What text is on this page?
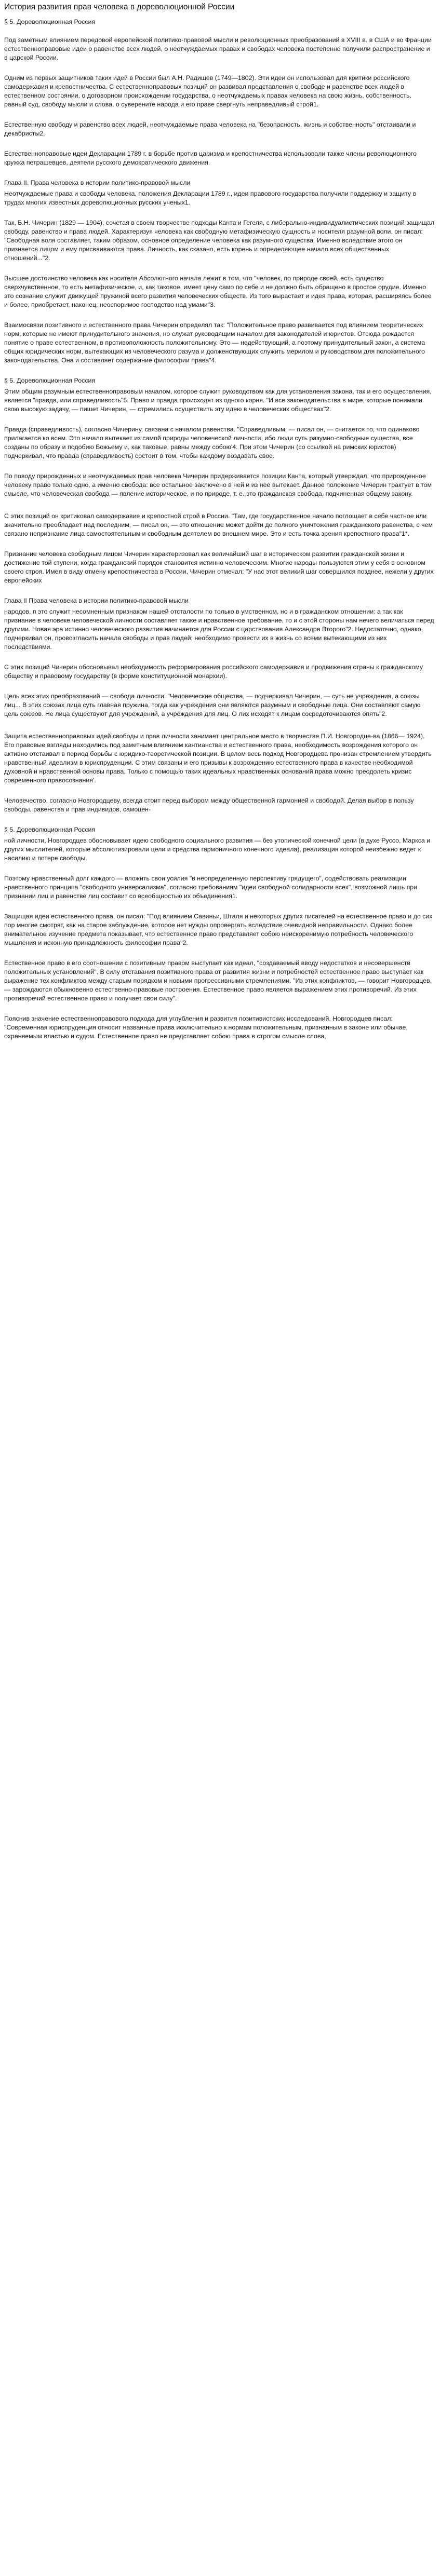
История развития прав человека в дореволюционной России

§ 5. Дореволюционная Россия

Под заметным влиянием передовой европейской политико-правовой мысли и революционных преобразований в XVIII в. в США и во Франции естественноправовые идеи о равенстве всех людей, о неотчуждаемых правах и свободах человека постепенно получили распространение и в царской России.

Одним из первых защитников таких идей в России был А.Н. Радищев (1749—1802). Эти идеи он использовал для критики российского самодержавия и крепостничества. С естественноправовых позиций он развивал представления о свободе и равенстве всех людей в естественном состоянии, о договорном происхождении государства, о неотчуждаемых правах человека на свою жизнь, собственность, равный суд, свободу мысли и слова, о суверените народа и его праве свергнуть неправедливый строй1.

Естественную свободу и равенство всех людей, неотчуждаемые права человека на "безопасность, жизнь и собственность" отстаивали и декабристы2.

Естественноправовые идеи Декларации 1789 г. в борьбе против царизма и крепостничества использовали также члены революционного кружка петрашевцев, деятели русского демократического движения.

Глава II. Права человека в истории политико-правовой мысли

Неотчуждаемые права и свободы человека, положения Декларации 1789 г., идеи правового государства получили поддержку и защиту в трудах многих известных дореволюционных русских ученых1.

Так, Б.Н. Чичерин (1829 — 1904), сочетая в своем творчестве подходы Канта и Гегеля, с либерально-индивидуалистических позиций защищал свободу, равенство и права людей. Характеризуя человека как свободную метафизическую сущность и носителя разумной воли, он писал: "Свободная воля составляет, таким образом, основное определение человека как разумного существа. Именно вследствие этого он признается лицом и ему присваиваются права. Личность, как сказано, есть корень и определяющее начало всех общественных отношений..."2.

Высшее достоинство человека как носителя Абсолютного начала лежит в том, что "человек, по природе своей, есть существо сверхчувственное, то есть метафизическое, и, как таковое, имеет цену само по себе и не должно быть обращено в простое орудие. Именно это сознание служит движущей пружиной всего развития человеческих обществ. Из того вырастает и идея права, которая, расширяясь более и более, приобретает, наконец, неоспоримое господство над умами"3.

Взаимосвязи позитивного и естественного права Чичерин определял так: "Положительное право развивается под влиянием теоретических норм, которые не имеют принудительного значения, но служат руководящим началом для законодателей и юристов. Отсюда рождается понятие о праве естественном, в противоположность положительному. Это — недействующий, а поэтому принудительный закон, а система общих юридических норм, вытекающих из человеческого разума и долженствующих служить мерилом и руководством для положительного законодательства. Она и составляет содержание философии права"4.

§ 5. Дореволюционная Россия

Этим общим разумным естественноправовым началом, которое служит руководством как для установления закона, так и его осуществления, является "правда, или справедливость"5. Право и правда происходят из одного корня. "И все законодательства в мире, которые понимали свою высокую задачу, — пишет Чичерин, — стремились осуществить эту идею в человеческих обществах"2.

Правда (справедливость), согласно Чичерину, связана с началом равенства. "Справедливым, — писал он, — считается то, что одинаково прилагается ко всем. Это начало вытекает из самой природы человеческой личности, ибо люди суть разумно-свободные существа, все созданы по образу и подобию Божьему и, как таковые, равны между собою'4. При этом Чичерин (со ссылкой на римских юристов) подчеркивал, что правда (справедливость) состоит в том, чтобы каждому воздавать свое.

По поводу прирожденных и неотчуждаемых прав человека Чичерин придерживается позиции Канта, который утверждал, что прирожденное человеку право только одно, а именно свобода: все остальное заключено в ней и из нее вытекает. Данное положение Чичерин трактует в том смысле, что человеческая свобода — явление историческое, и по природе, т. е. это гражданская свобода, подчиненная общему закону.

С этих позиций он критиковал самодержавие и крепостной строй в России. "Там, где государственное начало поглощает в себе частное или значительно преобладает над последним, — писал он, — это отношение может дойти до полного уничтожения гражданского равенства, с чем связано непризнание лица самостоятельным и свободным деятелем во внешнем мире. Это и есть точка зрения крепостного права"1*.

Признание человека свободным лицом Чичерин характеризовал как величайший шаг в историческом развитии гражданской жизни и достижение той ступени, когда гражданский порядок становится истинно человеческим. Многие народы пользуются этим у себя в основном своего строя. Имея в виду отмену крепостничества в России, Чичерин отмечал: "У нас этот великий шаг совершился позднее, нежели у других европейских

Глава II Права человека в истории политико-правовой мысли

народов, п это служит несомненным признаком нашей отсталости по только в умственном, но и в гражданском отношении: а так как признание в человеке человеческой личности составляет также и нравственное требование, то и с этой стороны нам нечего величаться перед другими. Новая эра истинно человеческого развития начинается для России с царствования Александра Второго"2. Недостаточно, однако, подчеркивал он, провозгласить начала свободы и прав людей; необходимо провести их в жизнь со всеми вытекающими из них последствиями.

С этих позиций Чичерин обосновывал необходимость реформирования российского самодержавия и продвижения страны к гражданскому обществу и правовому государству (в форме конституционной монархии).

Цель всех этих преобразований — свобода личности. "Человеческие общества, — подчеркивал Чичерин, — суть не учреждения, а союзы лиц... В этих союзах лица суть главная пружина, тогда как учреждения они являются разумным и свободные лица. Они составляют самую цель союзов. Не лица существуют для учреждений, а учреждения для лиц. О лих исходят к лицам сосредоточиваются опять"2.

Защита естественноправовых идей свободы и прав личности занимает центральное место в творчестве П.И. Новгородце-ва (1866— 1924). Его правовые взгляды находились под заметным влиянием кантианства и естественного права, необходимость возрождения которого он активно отстаивал в период борьбы с юридико-теоретической позиции. В целом весь подход Новгородцева пронизан стремлением утвердить нравственный идеализм в юриспруденции. С этим связаны и его призывы к возрождению естественного права в качестве необходимой духовной и нравственной основы права. Только с помощью таких идеальных нравственных оснований права можно преодолеть кризис современного правосознания'.

Человечество, согласно Новгородцеву, всегда стоит перед выбором между общественной гармонией и свободой. Делая выбор в пользу свободы, равенства и прав индивидов, самоцен-

§ 5. Дореволюционная Россия

ной личности, Новгородцев обосновывает идею свободного социального развития — без утопической конечной цели (в духе Руссо, Маркса и других мыслителей, которые абсолютизировали цели и средства гармоничного конечного идеала), реализация которой неизбежно ведет к насилию и потере свободы.

Поэтому нравственный долг каждого — вложить свои усилия "в неопределенную перспективу грядущего", содействовать реализации нравственного принципа "свободного универсализма", согласно требованиям "идеи свободной солидарности всех", возможной лишь при признании лиц и равенстве лиц составит со всеобщностью их объединения1.

Защищая идеи естественного права, он писал: "Под влиянием Савиньи, Шталя и некоторых других писателей на естественное право и до сих пор многие смотрят, как на старое заблуждение, которое нет нужды опровергать вследствие очевидной неправильности. Однако более внимательное изучение предмета показывает, что естественное право представляет собою неискоренимую потребность человеческого мышления и исконную принадлежность философии права"2.

Естественное право в его соотношении с позитивным правом выступает как идеал, "создаваемый вводу недостатков и несовершенств положительных установлений". В силу отставания позитивного права от развития жизни и потребностей естественное право выступает как выражение тех конфликтов между старым порядком и новыми прогрессивными стремлениями. "Из этих конфликтов, — говорит Новгородцев, — зарождаются обыкновенно естественно-правовые построения. Естественное право является выражением этих противоречий. Из этих противоречий естественное право и получает свои силу".

Пояснив значение естественноправового подхода для углубления и развития позитивистских исследований, Новгородцев писал: "Современная юриспруденция относит названные права исключительно к нормам положительным, признанным в законе или обычае, охраняемым властью и судом. Естественное право не представляет собою права в строгом смысле слова,
